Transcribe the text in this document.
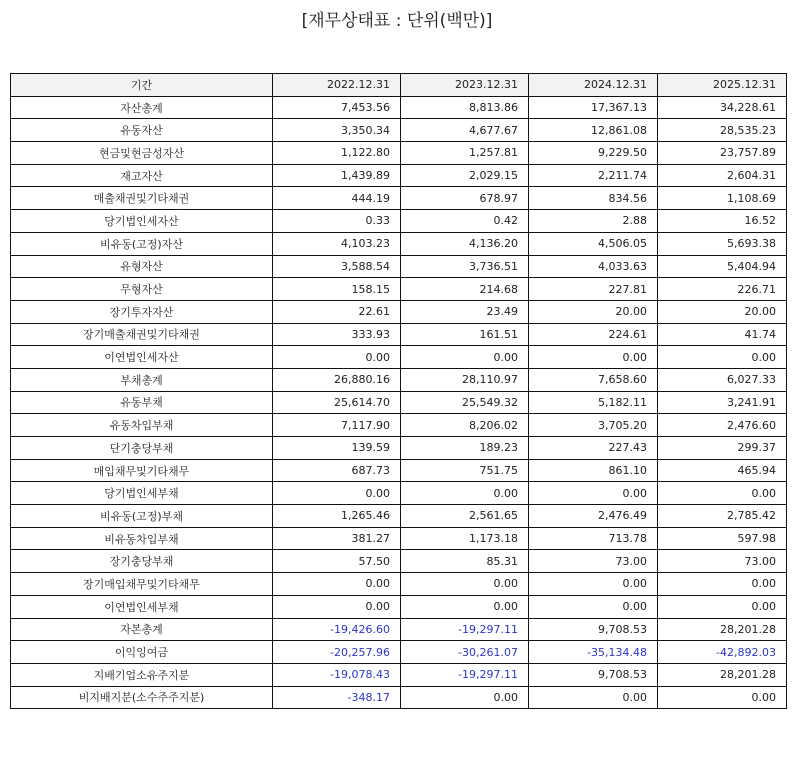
[재무상태표 : 단위(백만)]
기간	2022.12.31	2023.12.31	2024.12.31	2025.12.31
자산총계	7,453.56	8,813.86	17,367.13	34,228.61
유동자산	3,350.34	4,677.67	12,861.08	28,535.23
현금및현금성자산	1,122.80	1,257.81	9,229.50	23,757.89
재고자산	1,439.89	2,029.15	2,211.74	2,604.31
매출채권및기타채권	444.19	678.97	834.56	1,108.69
당기법인세자산	0.33	0.42	2.88	16.52
비유동(고정)자산	4,103.23	4,136.20	4,506.05	5,693.38
유형자산	3,588.54	3,736.51	4,033.63	5,404.94
무형자산	158.15	214.68	227.81	226.71
장기투자자산	22.61	23.49	20.00	20.00
장기매출채권및기타채권	333.93	161.51	224.61	41.74
이연법인세자산	0.00	0.00	0.00	0.00
부채총계	26,880.16	28,110.97	7,658.60	6,027.33
유동부채	25,614.70	25,549.32	5,182.11	3,241.91
유동차입부채	7,117.90	8,206.02	3,705.20	2,476.60
단기충당부채	139.59	189.23	227.43	299.37
매입채무및기타채무	687.73	751.75	861.10	465.94
당기법인세부채	0.00	0.00	0.00	0.00
비유동(고정)부채	1,265.46	2,561.65	2,476.49	2,785.42
비유동차입부채	381.27	1,173.18	713.78	597.98
장기충당부채	57.50	85.31	73.00	73.00
장기매입채무및기타채무	0.00	0.00	0.00	0.00
이연법인세부채	0.00	0.00	0.00	0.00
자본총계	-19,426.60	-19,297.11	9,708.53	28,201.28
이익잉여금	-20,257.96	-30,261.07	-35,134.48	-42,892.03
지배기업소유주지분	-19,078.43	-19,297.11	9,708.53	28,201.28
비지배지분(소수주주지분)	-348.17	0.00	0.00	0.00
